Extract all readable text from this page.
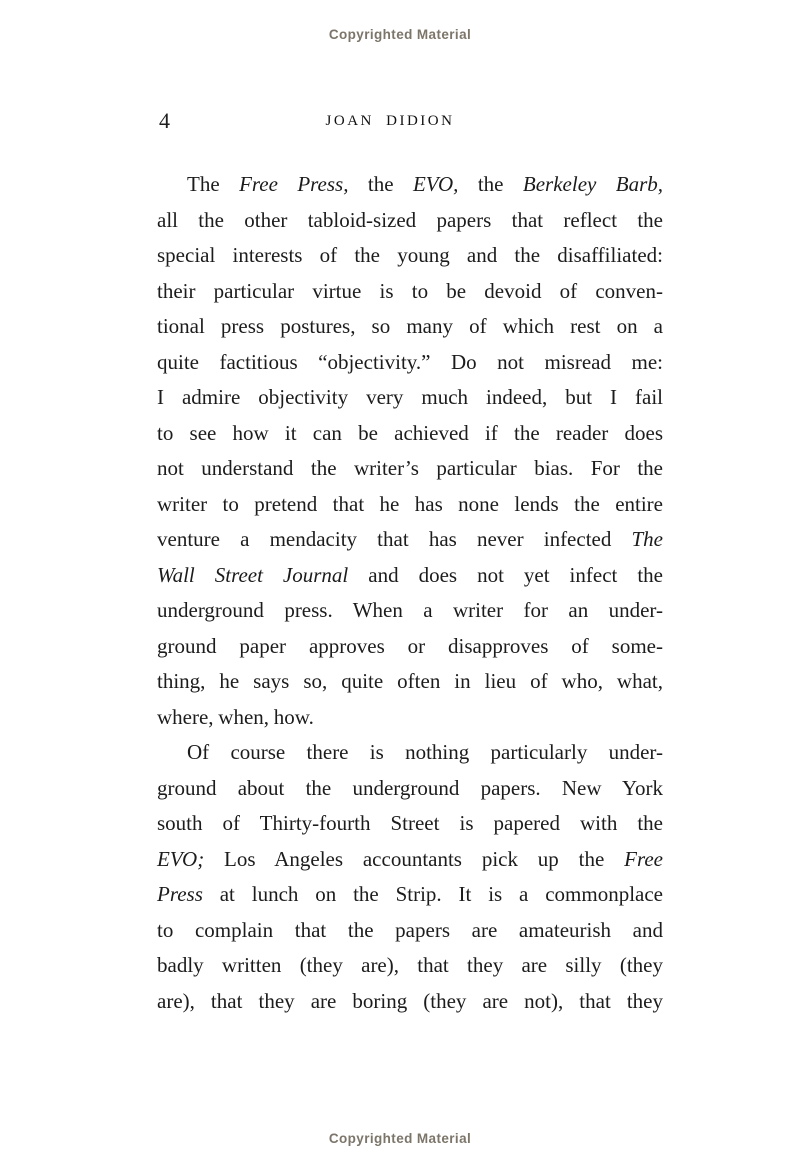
Copyrighted Material
4	JOAN DIDION
The Free Press, the EVO, the Berkeley Barb,
all the other tabloid-sized papers that reflect the
special interests of the young and the disaffiliated:
their particular virtue is to be devoid of conven-
tional press postures, so many of which rest on a
quite factitious “objectivity.” Do not misread me:
I admire objectivity very much indeed, but I fail
to see how it can be achieved if the reader does
not understand the writer’s particular bias. For the
writer to pretend that he has none lends the entire
venture a mendacity that has never infected The
Wall Street Journal and does not yet infect the
underground press. When a writer for an under-
ground paper approves or disapproves of some-
thing, he says so, quite often in lieu of who, what,
where, when, how.
Of course there is nothing particularly under-
ground about the underground papers. New York
south of Thirty-fourth Street is papered with the
EVO; Los Angeles accountants pick up the Free
Press at lunch on the Strip. It is a commonplace
to complain that the papers are amateurish and
badly written (they are), that they are silly (they
are), that they are boring (they are not), that they
Copyrighted Material
